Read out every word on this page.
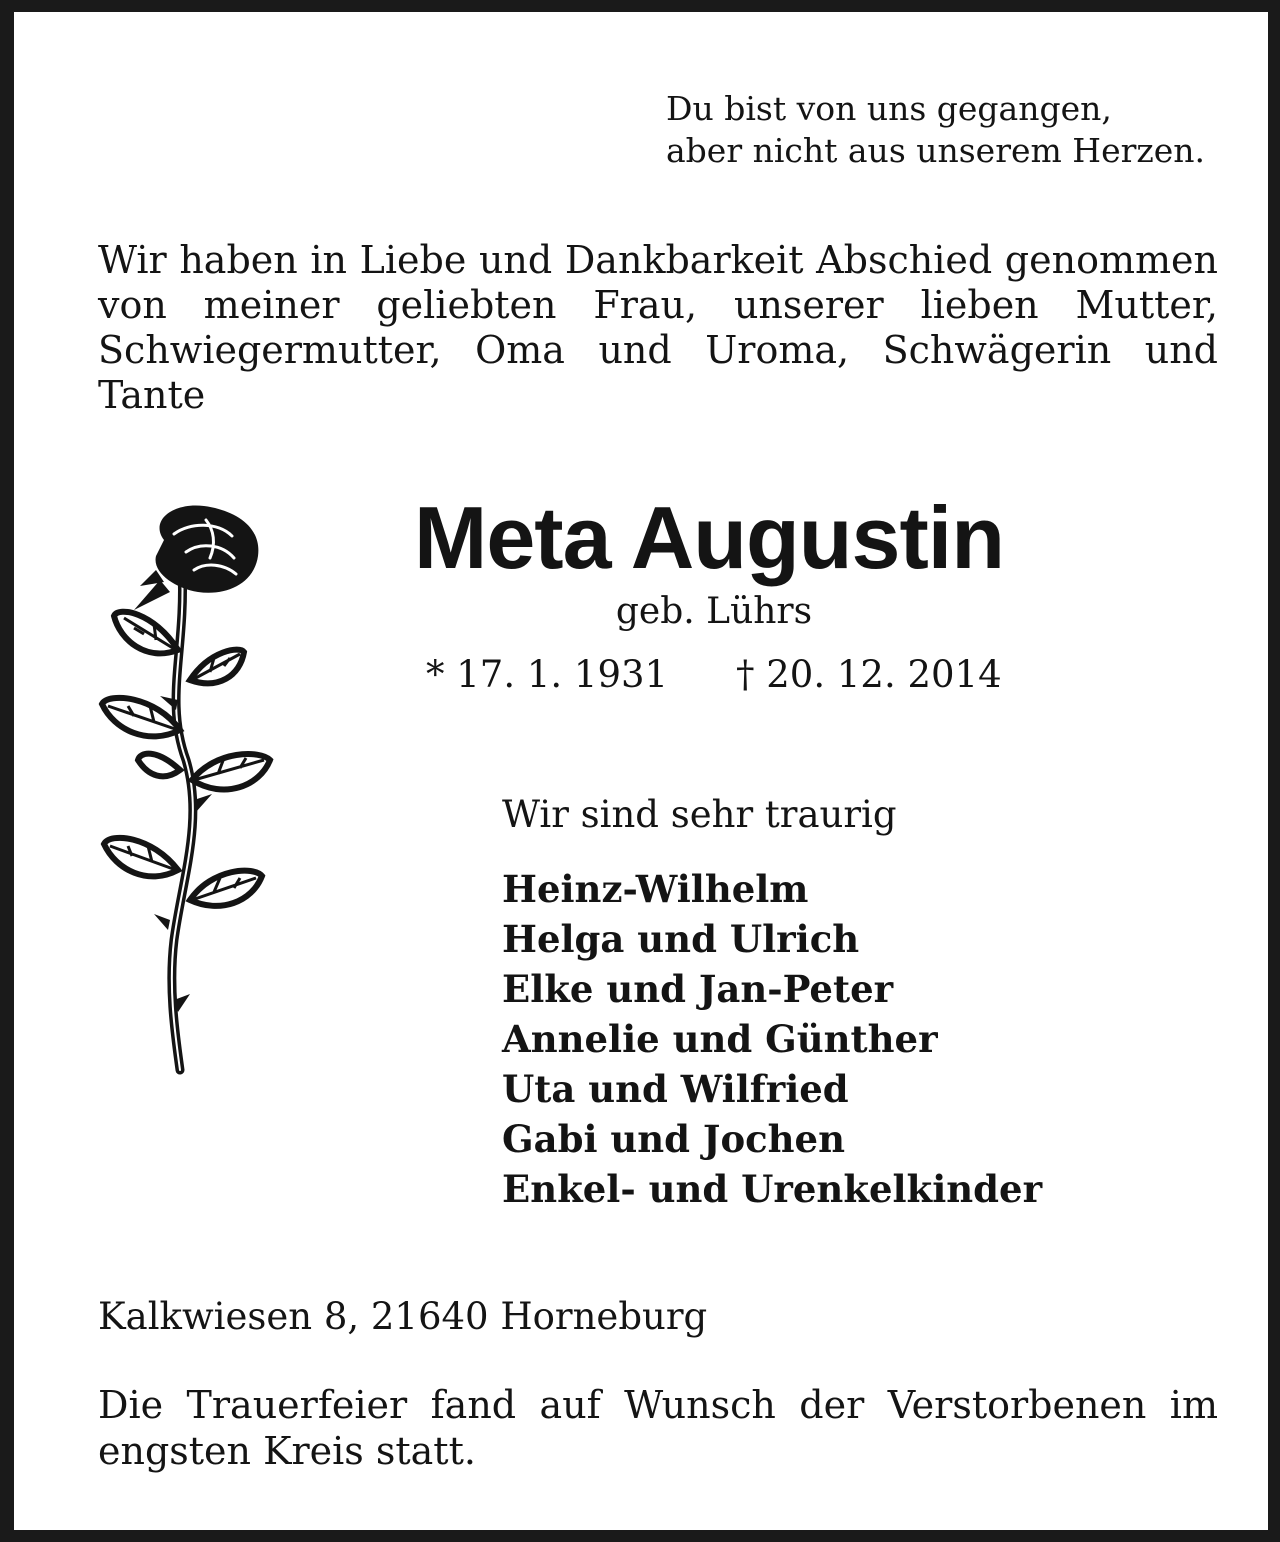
Du bist von uns gegangen,
aber nicht aus unserem Herzen.

Wir haben in Liebe und Dankbarkeit Abschied genommen von meiner geliebten Frau, unserer lieben Mutter, Schwiegermutter, Oma und Uroma, Schwägerin und Tante

Meta Augustin

geb. Lührs

* 17. 1. 1931 † 20. 12. 2014

Wir sind sehr traurig

Heinz-Wilhelm
Helga und Ulrich
Elke und Jan-Peter
Annelie und Günther
Uta und Wilfried
Gabi und Jochen
Enkel- und Urenkelkinder

Kalkwiesen 8, 21640 Horneburg

Die Trauerfeier fand auf Wunsch der Verstorbenen im engsten Kreis statt.
